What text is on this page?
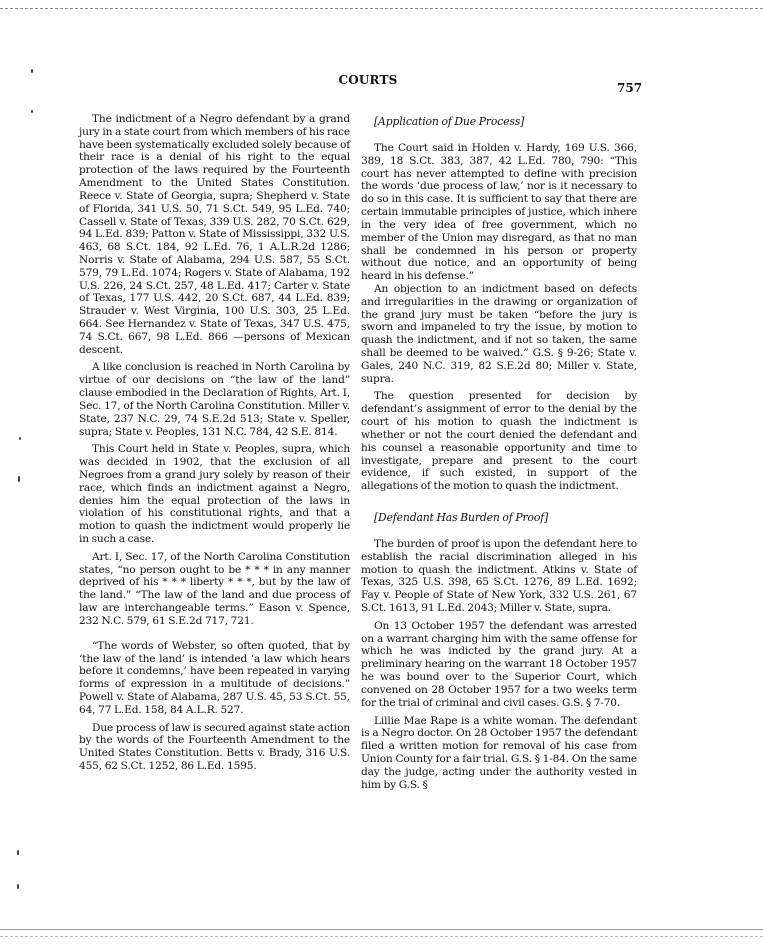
COURTS
757

The indictment of a Negro defendant by a grand jury in a state court from which members of his race have been systematically excluded solely because of their race is a denial of his right to the equal protection of the laws required by the Fourteenth Amendment to the United States Constitution. Reece v. State of Georgia, supra; Shepherd v. State of Florida, 341 U.S. 50, 71 S.Ct. 549, 95 L.Ed. 740; Cassell v. State of Texas, 339 U.S. 282, 70 S.Ct. 629, 94 L.Ed. 839; Patton v. State of Mississippi, 332 U.S. 463, 68 S.Ct. 184, 92 L.Ed. 76, 1 A.L.R.2d 1286; Norris v. State of Alabama, 294 U.S. 587, 55 S.Ct. 579, 79 L.Ed. 1074; Rogers v. State of Alabama, 192 U.S. 226, 24 S.Ct. 257, 48 L.Ed. 417; Carter v. State of Texas, 177 U.S. 442, 20 S.Ct. 687, 44 L.Ed. 839; Strauder v. West Virginia, 100 U.S. 303, 25 L.Ed. 664. See Hernandez v. State of Texas, 347 U.S. 475, 74 S.Ct. 667, 98 L.Ed. 866 —persons of Mexican descent.

A like conclusion is reached in North Carolina by virtue of our decisions on “the law of the land” clause embodied in the Declaration of Rights, Art. I, Sec. 17, of the North Carolina Constitution. Miller v. State, 237 N.C. 29, 74 S.E.2d 513; State v. Speller, supra; State v. Peoples, 131 N.C. 784, 42 S.E. 814.

This Court held in State v. Peoples, supra, which was decided in 1902, that the exclusion of all Negroes from a grand jury solely by reason of their race, which finds an indictment against a Negro, denies him the equal protection of the laws in violation of his constitutional rights, and that a motion to quash the indictment would properly lie in such a case.

Art. I, Sec. 17, of the North Carolina Constitution states, “no person ought to be * * * in any manner deprived of his * * * liberty * * *, but by the law of the land.” “The law of the land and due process of law are interchangeable terms.” Eason v. Spence, 232 N.C. 579, 61 S.E.2d 717, 721.

“The words of Webster, so often quoted, that by ‘the law of the land’ is intended ‘a law which hears before it condemns,’ have been repeated in varying forms of expression in a multitude of decisions.” Powell v. State of Alabama, 287 U.S. 45, 53 S.Ct. 55, 64, 77 L.Ed. 158, 84 A.L.R. 527.

Due process of law is secured against state action by the words of the Fourteenth Amendment to the United States Constitution. Betts v. Brady, 316 U.S. 455, 62 S.Ct. 1252, 86 L.Ed. 1595.

[Application of Due Process]

The Court said in Holden v. Hardy, 169 U.S. 366, 389, 18 S.Ct. 383, 387, 42 L.Ed. 780, 790: “This court has never attempted to define with precision the words ‘due process of law,’ nor is it necessary to do so in this case. It is sufficient to say that there are certain immutable principles of justice, which inhere in the very idea of free government, which no member of the Union may disregard, as that no man shall be condemned in his person or property without due notice, and an opportunity of being heard in his defense.”

An objection to an indictment based on defects and irregularities in the drawing or organization of the grand jury must be taken “before the jury is sworn and impaneled to try the issue, by motion to quash the indictment, and if not so taken, the same shall be deemed to be waived.” G.S. § 9-26; State v. Gales, 240 N.C. 319, 82 S.E.2d 80; Miller v. State, supra.

The question presented for decision by defendant’s assignment of error to the denial by the court of his motion to quash the indictment is whether or not the court denied the defendant and his counsel a reasonable opportunity and time to investigate, prepare and present to the court evidence, if such existed, in support of the allegations of the motion to quash the indictment.

[Defendant Has Burden of Proof]

The burden of proof is upon the defendant here to establish the racial discrimination alleged in his motion to quash the indictment. Atkins v. State of Texas, 325 U.S. 398, 65 S.Ct. 1276, 89 L.Ed. 1692; Fay v. People of State of New York, 332 U.S. 261, 67 S.Ct. 1613, 91 L.Ed. 2043; Miller v. State, supra.

On 13 October 1957 the defendant was arrested on a warrant charging him with the same offense for which he was indicted by the grand jury. At a preliminary hearing on the warrant 18 October 1957 he was bound over to the Superior Court, which convened on 28 October 1957 for a two weeks term for the trial of criminal and civil cases. G.S. § 7-70.

Lillie Mae Rape is a white woman. The defendant is a Negro doctor. On 28 October 1957 the defendant filed a written motion for removal of his case from Union County for a fair trial. G.S. § 1-84. On the same day the judge, acting under the authority vested in him by G.S. §
